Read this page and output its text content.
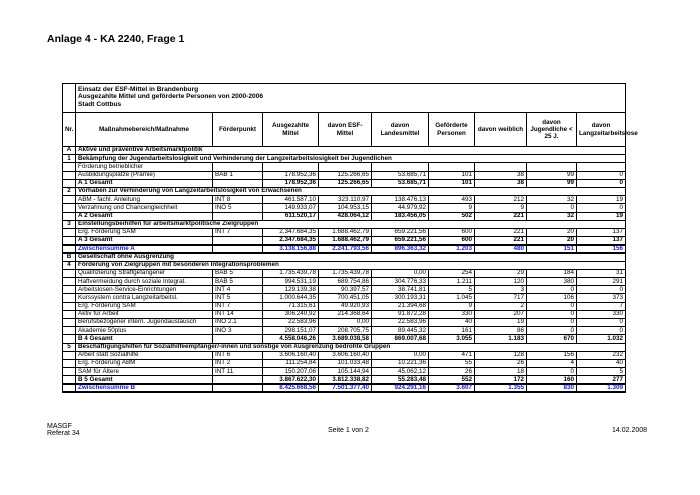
Anlage 4 - KA 2240, Frage 1

	Einsatz der ESF-Mittel in Brandenburg
Ausgezahlte Mittel und geförderte Personen von 2000-2006
Stadt Cottbus								

Nr.	Maßnahmebereich/Maßnahme	Förderpunkt	Ausgezahlte Mittel	davon ESF-Mittel	davon Landesmittel	Geförderte Personen	davon weiblich	davon Jugendliche < 25 J.	davon Langzeitarbeitslose
A	Aktive und präventive Arbeitsmarktpolitik								
1	Bekämpfung der Jugendarbeitslosigkeit und Verhinderung der Langzeitarbeitslosigkeit bei Jugendlichen								
	Förderung betrieblicher								
	Ausbildungsplätze (Prämie)	BAB 1	178.952,36	125.266,65	53.685,71	101	38	99	0
	A 1 Gesamt		178.952,36	125.266,65	53.685,71	101	38	99	0
2	Vorhaben zur Verhinderung von Langzeitarbeitslosigkeit von Erwachsenen								
	ABM - fachl. Anleitung	INT 8	461.587,10	323.110,97	138.476,13	493	212	32	19
	Verzahnung und Chancengleichheit	INO 5	149.933,07	104.953,15	44.979,92	9	9	0	0
	A 2 Gesamt		611.520,17	428.064,12	183.456,05	502	221	32	19
3	Einstellungsbeihilfen für arbeitsmarktpolitische Zielgruppen								
	Erg. Förderung SAM	INT 7	2.347.684,35	1.688.462,79	659.221,56	600	221	20	137
	A 3 Gesamt		2.347.684,35	1.688.462,79	659.221,56	600	221	20	137
	Zwischensumme A		3.138.156,88	2.241.793,56	896.363,32	1.203	480	151	156
B	Gesellschaft ohne Ausgrenzung								
4	Förderung von Zielgruppen mit besonderen Integrationsproblemen								
	Qualifizierung Straffgefangener	BAB 5	1.735.439,78	1.735.439,78	0,00	254	29	184	31
	Haftvermeidung durch soziale Integrat.	BAB 5	994.531,19	689.754,86	304.776,33	1.211	120	380	291
	Arbeitslosen-Service-Einrichtungen	INT 4	129.139,38	90.397,57	38.741,81	5	3	0	0
	Kurssystem contra Langzeitarbeitsl.	INT 5	1.000.644,35	700.451,05	300.193,31	1.045	717	106	373
	Erg. Förderung SAM	INT 7	71.315,61	49.920,93	21.394,68	9	2	0	7
	Aktiv für Arbeit	INT 14	306.240,92	214.368,64	91.872,28	330	207	0	330
	Berufsbezogener intern. Jugendaustausch	INO 2.1	22.583,96	0,00	22.583,96	40	19	0	0
	Akademie 50plus	INO 3	298.151,07	208.705,75	89.445,32	161	86	0	0
	B 4 Gesamt		4.558.046,26	3.689.038,58	869.007,68	3.055	1.183	670	1.032
5	Beschäftigungshilfen für Sozialhilfeempfänger/-innen und sonstige von Ausgrenzung bedrohte Gruppen								
	Arbeit statt Sozialhilfe	INT 6	3.606.160,40	3.606.160,40	0,00	471	128	156	232
	Erg. Förderung ABM	INT 2	111.254,84	101.033,48	10.221,36	55	26	4	40
	SAM für Ältere	INT 11	150.207,06	105.144,94	45.062,12	26	18	0	5
	B 5 Gesamt		3.867.622,30	3.812.338,82	55.283,48	552	172	160	277
	Zwischensumme B		8.425.668,56	7.501.377,40	924.291,16	3.607	1.355	830	1.309
MASGF
Referat 34	Seite 1 von 2	14.02.2008
